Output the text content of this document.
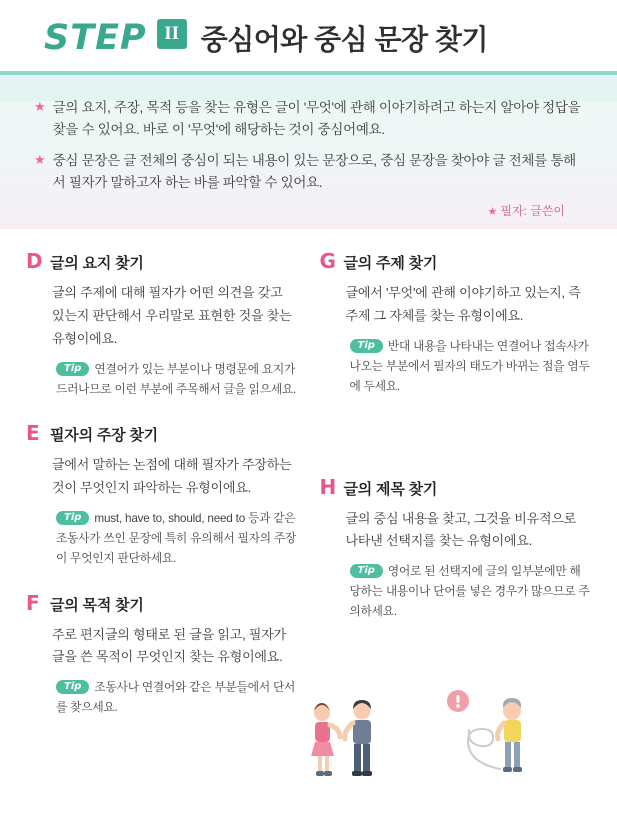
STEP II 중심어와 중심 문장 찾기
★ 글의 요지, 주장, 목적 등을 찾는 유형은 글이 '무엇'에 관해 이야기하려고 하는지 알아야 정답을 찾을 수 있어요. 바로 이 '무엇'에 해당하는 것이 중심어예요.
★ 중심 문장은 글 전체의 중심이 되는 내용이 있는 문장으로, 중심 문장을 찾아야 글 전체를 통해서 필자가 말하고자 하는 바를 파악할 수 있어요.
★ 필자: 글쓴이
D 글의 요지 찾기

글의 주제에 대해 필자가 어떤 의견을 갖고 있는지 판단해서 우리말로 표현한 것을 찾는 유형이에요.

Tip 연결어가 있는 부분이나 명령문에 요지가 드러나므로 이런 부분에 주목해서 글을 읽으세요.
E 필자의 주장 찾기

글에서 말하는 논점에 대해 필자가 주장하는 것이 무엇인지 파악하는 유형이에요.

Tip must, have to, should, need to 등과 같은 조동사가 쓰인 문장에 특히 유의해서 필자의 주장이 무엇인지 판단하세요.
F 글의 목적 찾기

주로 편지글의 형태로 된 글을 읽고, 필자가 글을 쓴 목적이 무엇인지 찾는 유형이에요.

Tip 조동사나 연결어와 같은 부분들에서 단서를 찾으세요.
G 글의 주제 찾기

글에서 '무엇'에 관해 이야기하고 있는지, 즉 주제 그 자체를 찾는 유형이에요.

Tip 반대 내용을 나타내는 연결어나 접속사가 나오는 부분에서 필자의 태도가 바뀌는 점을 염두에 두세요.
H 글의 제목 찾기

글의 중심 내용을 찾고, 그것을 비유적으로 나타낸 선택지를 찾는 유형이에요.

Tip 영어로 된 선택지에 글의 일부분에만 해당하는 내용이나 단어를 넣은 경우가 많으므로 주의하세요.
